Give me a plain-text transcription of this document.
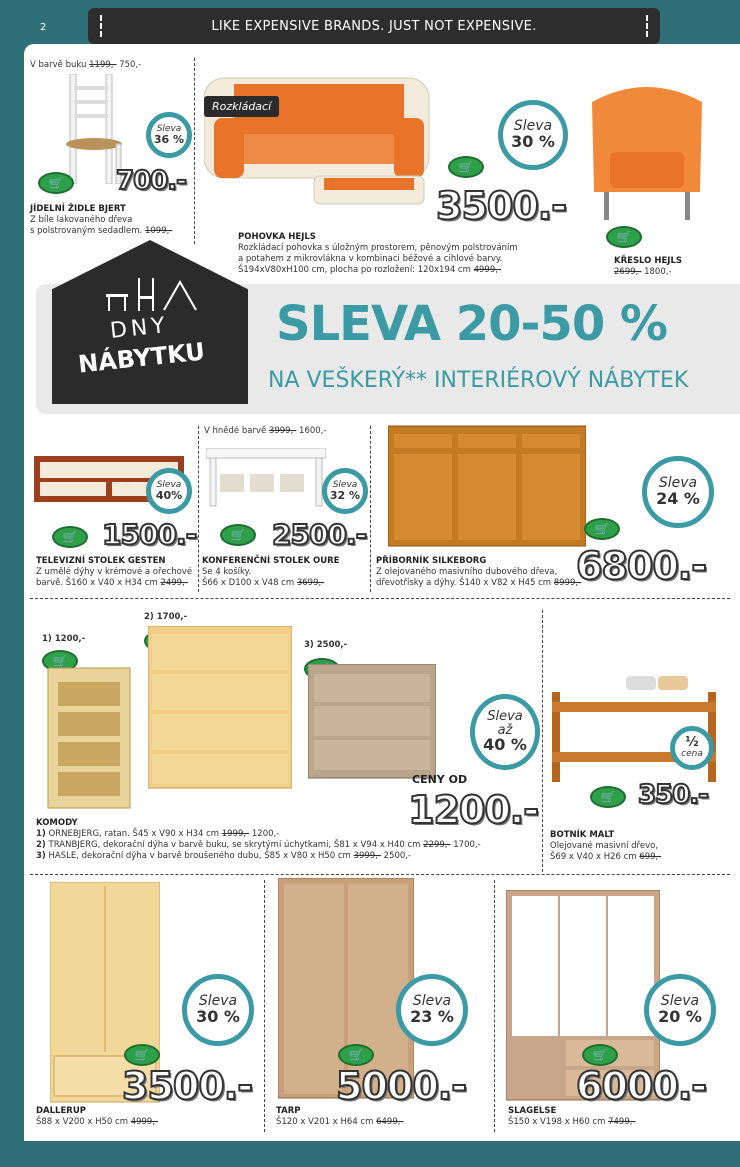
2	LIKE EXPENSIVE BRANDS. JUST NOT EXPENSIVE.
V barvě buku 1199,- 750,-
Sleva
36 %
🛒	700.-
JÍDELNÍ ŽIDLE BJERT
Z bíle lakovaného dřeva
s polstrovaným sedadlem. 1099,-
Rozkládací
Sleva
30 %
🛒
3500.-
POHOVKA HEJLS
Rozkládací pohovka s úložným prostorem, pěnovým polstrováním
a potahem z mikrovlákna v kombinaci béžové a cihlové barvy.
Š194xV80xH100 cm, plocha po rozložení: 120x194 cm 4999,-
🛒
KŘESLO HEJLS
2699,- 1800,-
DNY
NÁBYTKU
SLEVA 20-50 %
NA VEŠKERÝ** INTERIÉROVÝ NÁBYTEK
Sleva
40%
🛒 1500.-
TELEVIZNÍ STOLEK GESTEN
Z umělé dýhy v krémové a ořechové
barvě. Š160 x V40 x H34 cm 2499,-
V hnědé barvě 3999,- 1600,-
Sleva
32 %
🛒 2500.-
KONFERENČNÍ STOLEK OURE
Se 4 košíky.
Š66 x D100 x V48 cm 3699,-
Sleva
24 %
🛒
6800.-
PŘÍBORNÍK SILKEBORG
Z olejovaného masivního dubového dřeva,
dřevotřísky a dýhy. Š140 x V82 x H45 cm 8999,-
1) 1200,-
2) 1700,-
3) 2500,-
🛒
Sleva
až
40 %
CENY OD
1200.-
KOMODY
1) ORNEBJERG, ratan. Š45 x V90 x H34 cm 1999,- 1200,-
2) TRANBJERG, dekorační dýha v barvě buku, se skrytými úchytkami, Š81 x V94 x H40 cm 2299,- 1700,-
3) HASLE, dekorační dýha v barvě broušeného dubu, Š85 x V80 x H50 cm 3999,- 2500,-
½
cena
🛒 350.-
BOTNÍK MALT
Olejované masivní dřevo,
Š69 x V40 x H26 cm 699,-
Sleva
30 %
🛒
3500.-
DALLERUP
Š88 x V200 x H50 cm 4999,-
Sleva
23 %
🛒
5000.-
TARP
Š120 x V201 x H64 cm 6499,-
Sleva
20 %
🛒
6000.-
SLAGELSE
Š150 x V198 x H60 cm 7499,-
